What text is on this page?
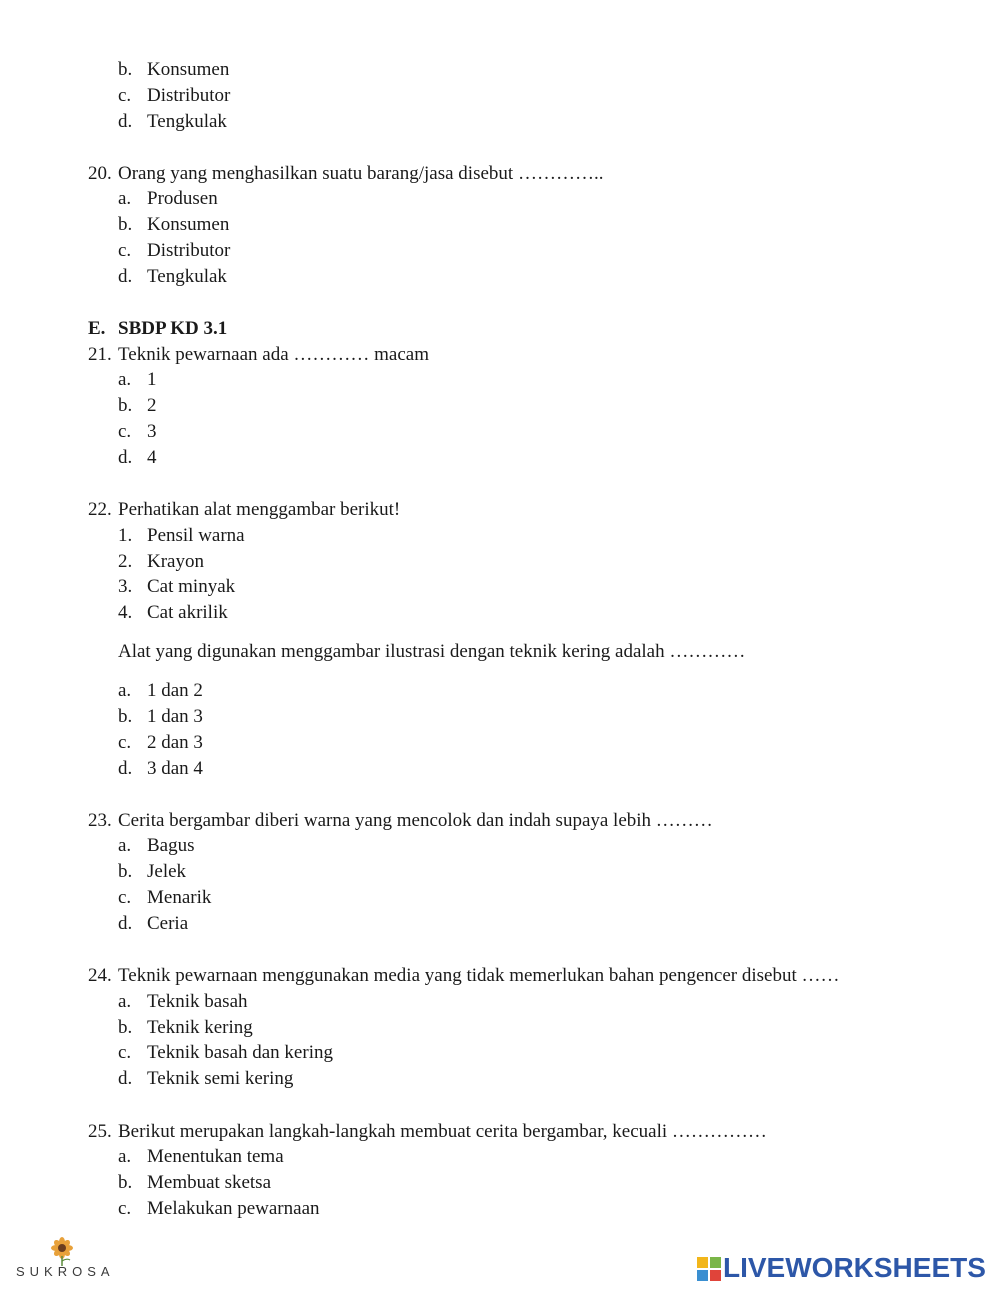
b. Konsumen
c. Distributor
d. Tengkulak
20. Orang yang menghasilkan suatu barang/jasa disebut …………..
a. Produsen
b. Konsumen
c. Distributor
d. Tengkulak
E. SBDP KD 3.1
21. Teknik pewarnaan ada ………… macam
a. 1
b. 2
c. 3
d. 4
22. Perhatikan alat menggambar berikut!
1. Pensil warna
2. Krayon
3. Cat minyak
4. Cat akrilik
Alat yang digunakan menggambar ilustrasi dengan teknik kering adalah …………
a. 1 dan 2
b. 1 dan 3
c. 2 dan 3
d. 3 dan 4
23. Cerita bergambar diberi warna yang mencolok dan indah supaya lebih ………
a. Bagus
b. Jelek
c. Menarik
d. Ceria
24. Teknik pewarnaan menggunakan media yang tidak memerlukan bahan pengencer disebut ……
a. Teknik basah
b. Teknik kering
c. Teknik basah dan kering
d. Teknik semi kering
25. Berikut merupakan langkah-langkah membuat cerita bergambar, kecuali ……………
a. Menentukan tema
b. Membuat sketsa
c. Melakukan pewarnaan
SUKROSA	LIVEWORKSHEETS
